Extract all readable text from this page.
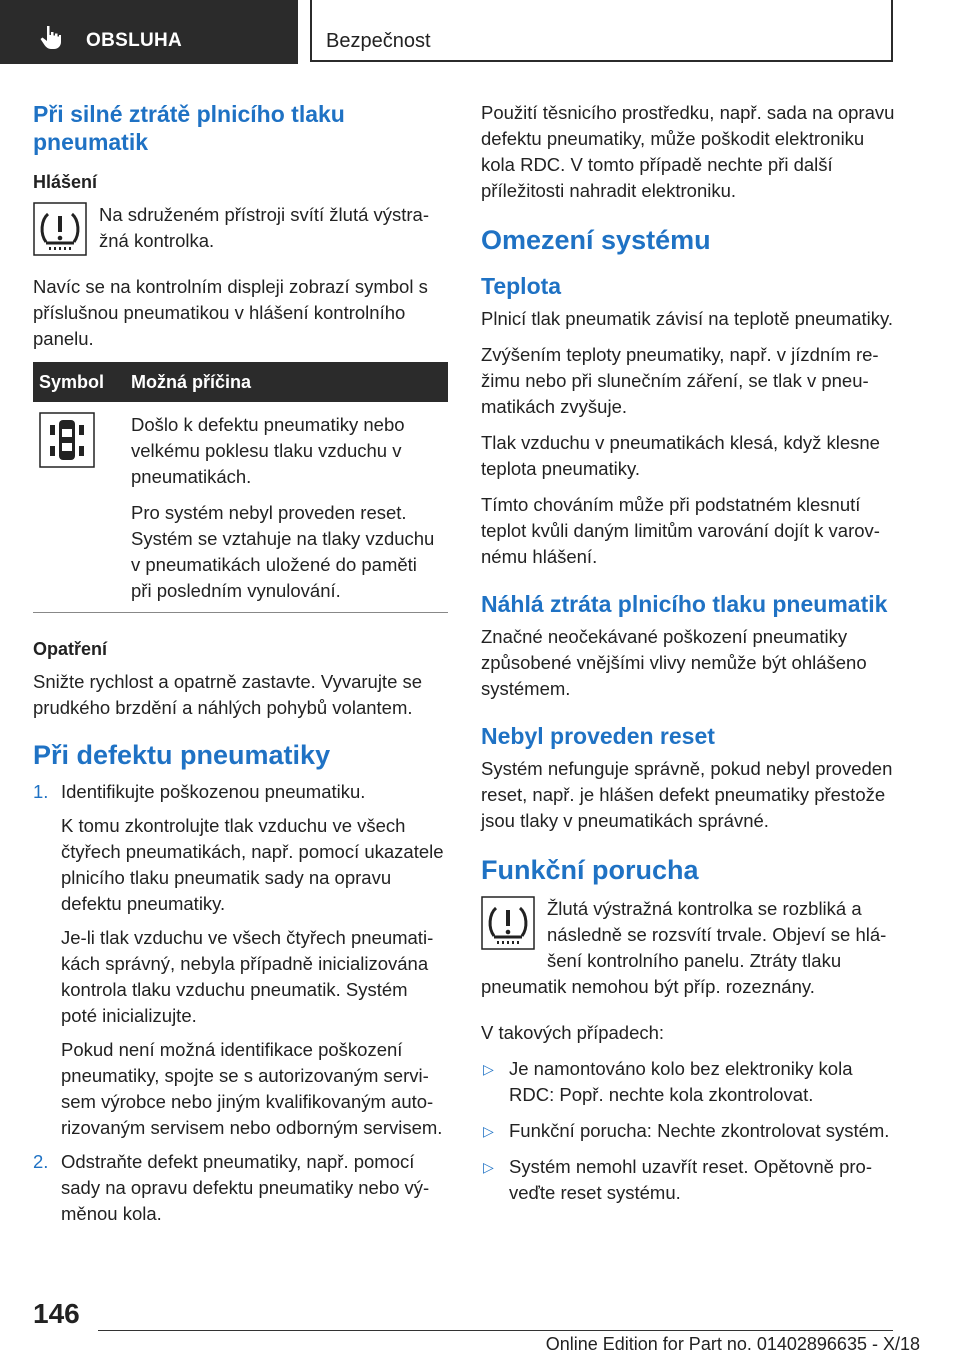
OBSLUHA	Bezpečnost
Při silné ztrátě plnicího tlaku pneumatik
Hlášení

Na sdruženém přístroji svítí žlutá výstražná kontrolka.

Navíc se na kontrolním displeji zobrazí symbol s příslušnou pneumatikou v hlášení kontrolního panelu.

Symbol	Možná příčina

Došlo k defektu pneumatiky nebo velkému poklesu tlaku vzduchu v pneumatikách.

Pro systém nebyl proveden reset. Systém se vztahuje na tlaky vzduchu v pneumatikách uložené do paměti při posledním vynulování.

Opatření

Snižte rychlost a opatrně zastavte. Vyvarujte se prudkého brzdění a náhlých pohybů volantem.

Při defektu pneumatiky
1. Identifikujte poškozenou pneumatiku.

K tomu zkontrolujte tlak vzduchu ve všech čtyřech pneumatikách, např. pomocí ukazatele plnicího tlaku pneumatik sady na opravu defektu pneumatiky.

Je-li tlak vzduchu ve všech čtyřech pneumatikách správný, nebyla případně inicializována kontrola tlaku vzduchu pneumatik. Systém poté inicializujte.

Pokud není možná identifikace poškození pneumatiky, spojte se s autorizovaným servisem výrobce nebo jiným kvalifikovaným autorizovaným servisem nebo odborným servisem.

2. Odstraňte defekt pneumatiky, např. pomocí sady na opravu defektu pneumatiky nebo výměnou kola.

Použití těsnicího prostředku, např. sada na opravu defektu pneumatiky, může poškodit elektroniku kola RDC. V tomto případě nechte při další příležitosti nahradit elektroniku.

Omezení systému
Teplota

Plnicí tlak pneumatik závisí na teplotě pneumatiky.

Zvýšením teploty pneumatiky, např. v jízdním režimu nebo při slunečním záření, se tlak v pneumatikách zvyšuje.

Tlak vzduchu v pneumatikách klesá, když klesne teplota pneumatiky.

Tímto chováním může při podstatném klesnutí teplot kvůli daným limitům varování dojít k varovnému hlášení.

Náhlá ztráta plnicího tlaku pneumatik

Značné neočekávané poškození pneumatiky způsobené vnějšími vlivy nemůže být ohlášeno systémem.

Nebyl proveden reset

Systém nefunguje správně, pokud nebyl proveden reset, např. je hlášen defekt pneumatiky přestože jsou tlaky v pneumatikách správné.

Funkční porucha

Žlutá výstražná kontrolka se rozbliká a následně se rozsvítí trvale. Objeví se hlášení kontrolního panelu. Ztráty tlaku

pneumatik nemohou být příp. rozeznány.

V takových případech:

▷ Je namontováno kolo bez elektroniky kola RDC: Popř. nechte kola zkontrolovat.
▷ Funkční porucha: Nechte zkontrolovat systém.
▷ Systém nemohl uzavřít reset. Opětovně proveďte reset systému.
146
Online Edition for Part no. 01402896635 - X/18
